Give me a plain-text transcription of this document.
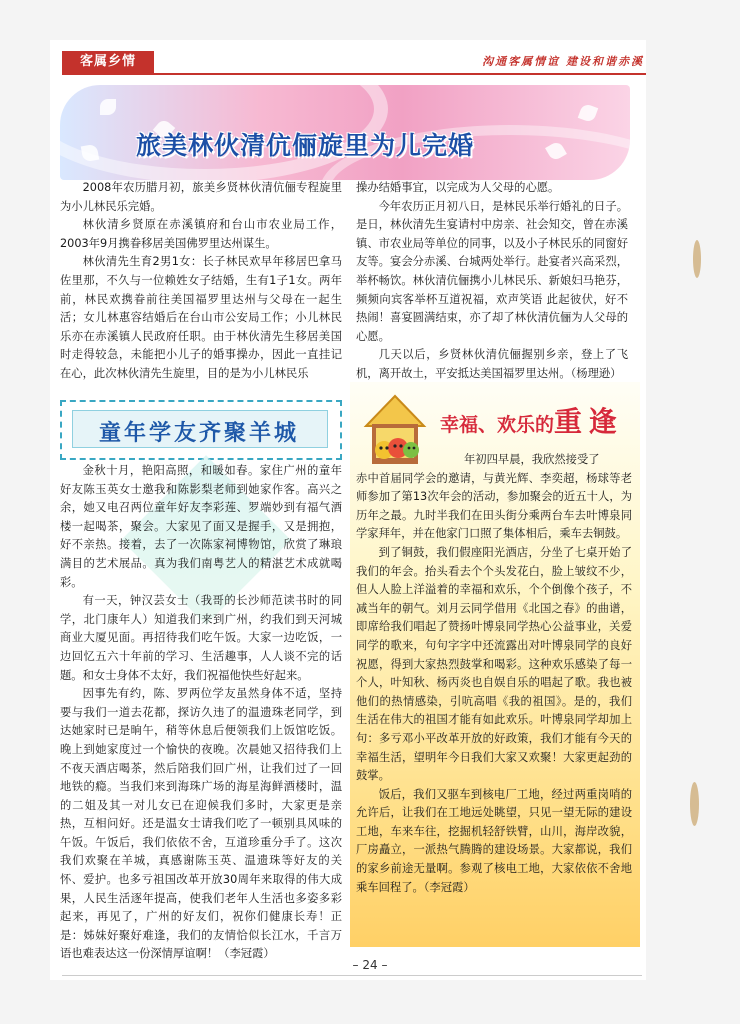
客属乡情	沟通客属情谊 建设和谐赤溪
旅美林伙清伉俪旋里为儿完婚

2008年农历腊月初，旅美乡贤林伙清伉俪专程旋里为小儿林民乐完婚。

林伙清乡贤原在赤溪镇府和台山市农业局工作，2003年9月携眷移居美国佛罗里达州谋生。

林伙清先生育2男1女：长子林民欢早年移居巴拿马佐里那，不久与一位赖姓女子结婚，生有1子1女。两年前，林民欢携眷前往美国福罗里达州与父母在一起生活；女儿林惠容结婚后在台山市公安局工作；小儿林民乐亦在赤溪镇人民政府任职。由于林伙清先生移居美国时走得较急，未能把小儿子的婚事操办，因此一直挂记在心，此次林伙清先生旋里，目的是为小儿林民乐

操办结婚事宜，以完成为人父母的心愿。

今年农历正月初八日，是林民乐举行婚礼的日子。是日，林伙清先生宴请村中房亲、社会知交，曾在赤溪镇、市农业局等单位的同事，以及小子林民乐的同窗好友等。宴会分赤溪、台城两处举行。赴宴者兴高采烈，举杯畅饮。林伙清伉俪携小儿林民乐、新娘妇马艳芬，频频向宾客举杯互道祝福，欢声笑语 此起彼伏，好不热闹！喜宴圆满结束，亦了却了林伙清伉俪为人父母的心愿。

几天以后，乡贤林伙清伉俪握别乡亲，登上了飞机，离开故土，平安抵达美国福罗里达州。（杨理逊）

童年学友齐聚羊城

金秋十月，艳阳高照，和暖如春。家住广州的童年好友陈玉英女士邀我和陈影梨老师到她家作客。高兴之余，她又电召两位童年好友李彩莲、罗端妙到有福气酒楼一起喝茶，聚会。大家见了面又是握手，又是拥抱，好不亲热。接着，去了一次陈家祠博物馆，欣赏了琳琅满目的艺术展品。真为我们南粤艺人的精湛艺术成就喝彩。

有一天，钟汉芸女士（我哥的长沙师范读书时的同学，北门康年人）知道我们来到广州，约我们到天河城商业大厦见面。再招待我们吃午饭。大家一边吃饭，一边回忆五六十年前的学习、生活趣事，人人谈不完的话题。和女士身体不太好，我们祝福他快些好起来。

因事先有约，陈、罗两位学友虽然身体不适，坚持要与我们一道去花都，探访久违了的温遗珠老同学，到达她家时已是晌午，稍等休息后便领我们上饭馆吃饭。晚上到她家度过一个愉快的夜晚。次晨她又招待我们上不夜天酒店喝茶，然后陪我们回广州，让我们过了一回地铁的瘾。当我们来到海珠广场的海星海鲜酒楼时，温的二姐及其一对儿女已在迎候我们多时，大家更是亲热，互相问好。还是温女士请我们吃了一顿别具风味的午饭。午饭后，我们依依不舍，互道珍重分手了。这次我们欢聚在羊城，真感谢陈玉英、温遗珠等好友的关怀、爱护。也多亏祖国改革开放30周年来取得的伟大成果，人民生活逐年提高，使我们老年人生活也多姿多彩起来，再见了，广州的好友们，祝你们健康长寿！正是：姊妹好聚好难逢，我们的友情恰似长江水，千言万语也难表达这一份深情厚谊啊！（李冠霞）

幸福、欢乐的重 逢

年初四早晨，我欣然接受了

赤中首届同学会的邀请，与黄光辉、李奕超，杨球等老师参加了第13次年会的活动，参加聚会的近五十人，为历年之最。九时半我们在田头街分乘两台车去叶博泉同学家拜年，并在他家门口照了集体相后，乘车去铜鼓。

到了铜鼓，我们假座阳光酒店，分坐了七桌开始了我们的年会。抬头看去个个头发花白，脸上皱纹不少，但人人脸上洋溢着的幸福和欢乐，个个倒像个孩子，不减当年的朝气。刘月云同学借用《北国之春》的曲谱，即席给我们唱起了赞扬叶博泉同学热心公益事业，关爱同学的歌来，句句字字中还流露出对叶博泉同学的良好祝愿，得到大家热烈鼓掌和喝彩。这种欢乐感染了每一个人，叶知秋、杨丙炎也自娱自乐的唱起了歌。我也被他们的热情感染，引吭高唱《我的祖国》。是的，我们生活在伟大的祖国才能有如此欢乐。叶博泉同学却加上句：多亏邓小平改革开放的好政策，我们才能有今天的幸福生活，望明年今日我们大家又欢聚！大家更起劲的鼓掌。

饭后，我们又驱车到核电厂工地，经过两重岗哨的允许后，让我们在工地远处眺望，只见一望无际的建设工地，车来车往，挖掘机轻舒铁臂，山川，海岸改貌，厂房矗立，一派热气腾腾的建设场景。大家都说，我们的家乡前途无量啊。参观了核电工地，大家依依不舍地乘车回程了。（李冠霞）

– 24 –
